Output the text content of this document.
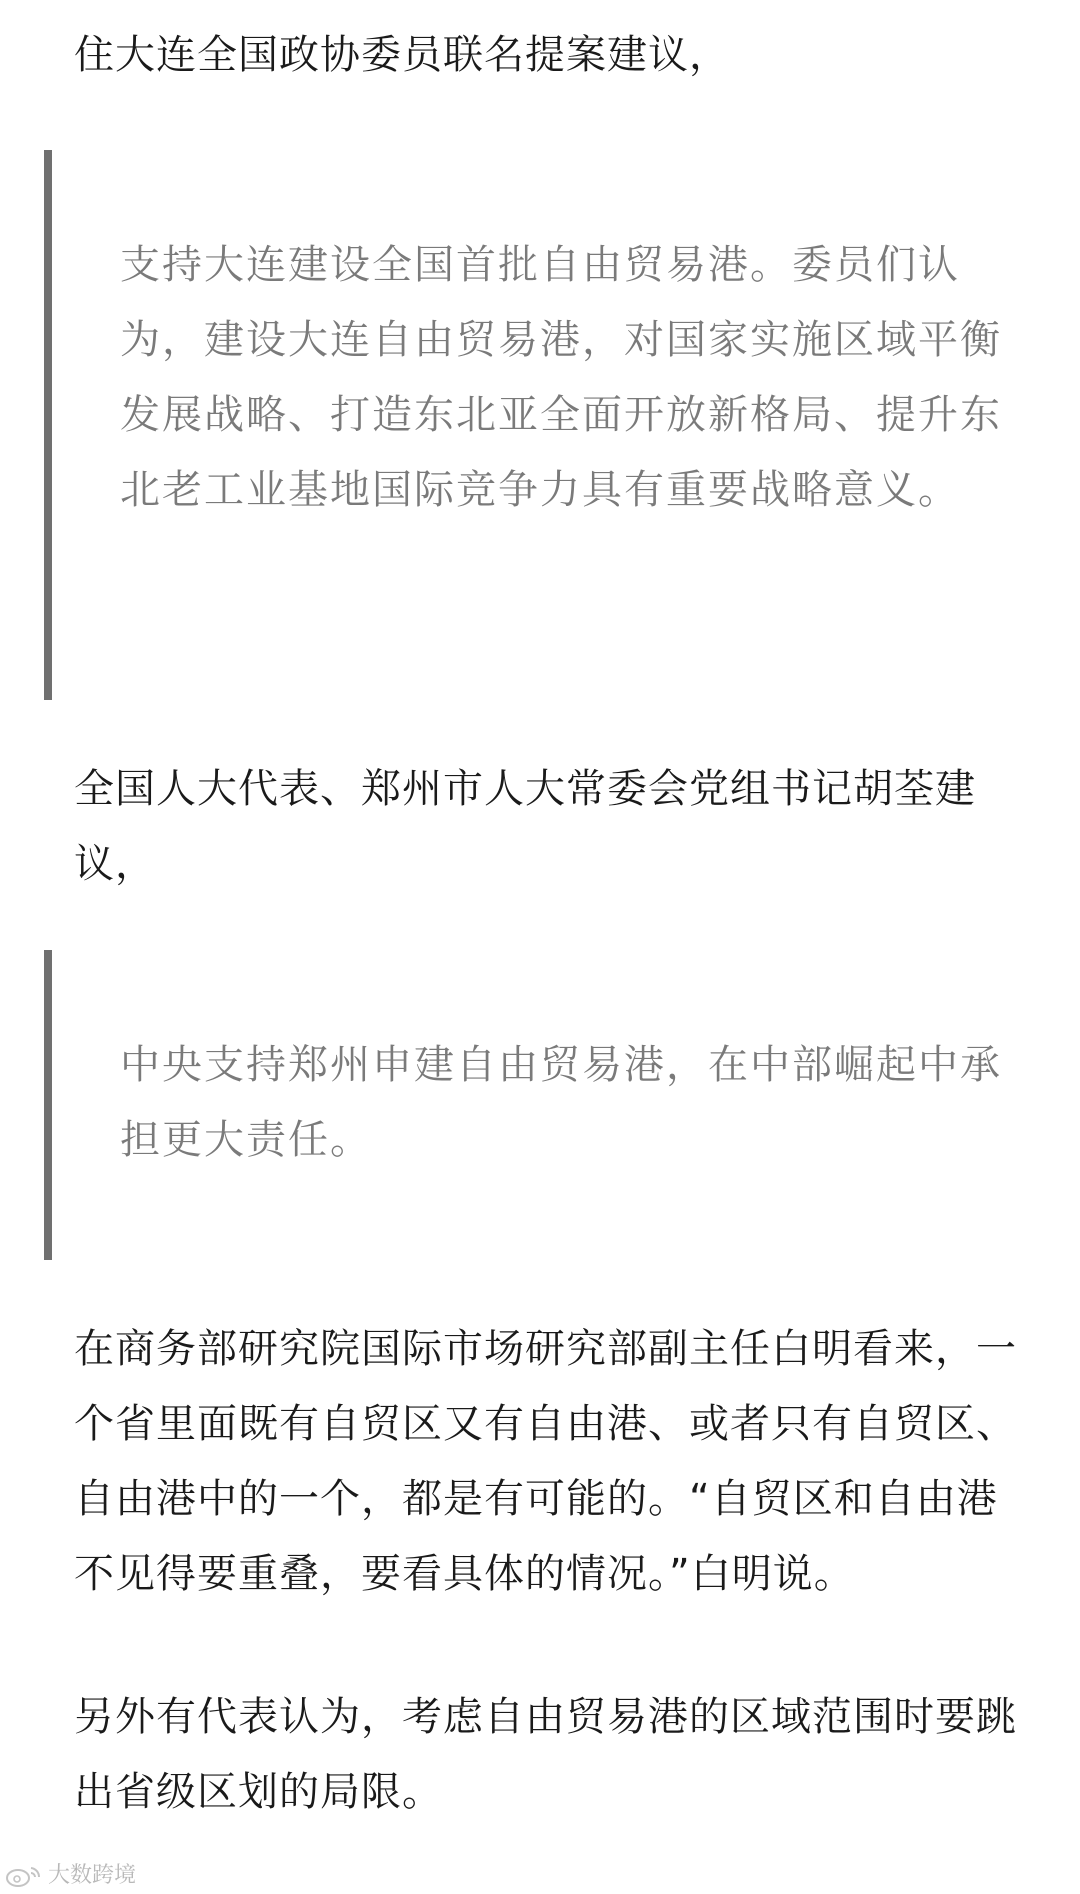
住大连全国政协委员联名提案建议，

支持大连建设全国首批自由贸易港。委员们认为，建设大连自由贸易港，对国家实施区域平衡发展战略、打造东北亚全面开放新格局、提升东北老工业基地国际竞争力具有重要战略意义。

全国人大代表、郑州市人大常委会党组书记胡荃建议，

中央支持郑州申建自由贸易港，在中部崛起中承担更大责任。

在商务部研究院国际市场研究部副主任白明看来，一个省里面既有自贸区又有自由港、或者只有自贸区、自由港中的一个，都是有可能的。“自贸区和自由港不见得要重叠，要看具体的情况。”白明说。

另外有代表认为，考虑自由贸易港的区域范围时要跳出省级区划的局限。

大数跨境
